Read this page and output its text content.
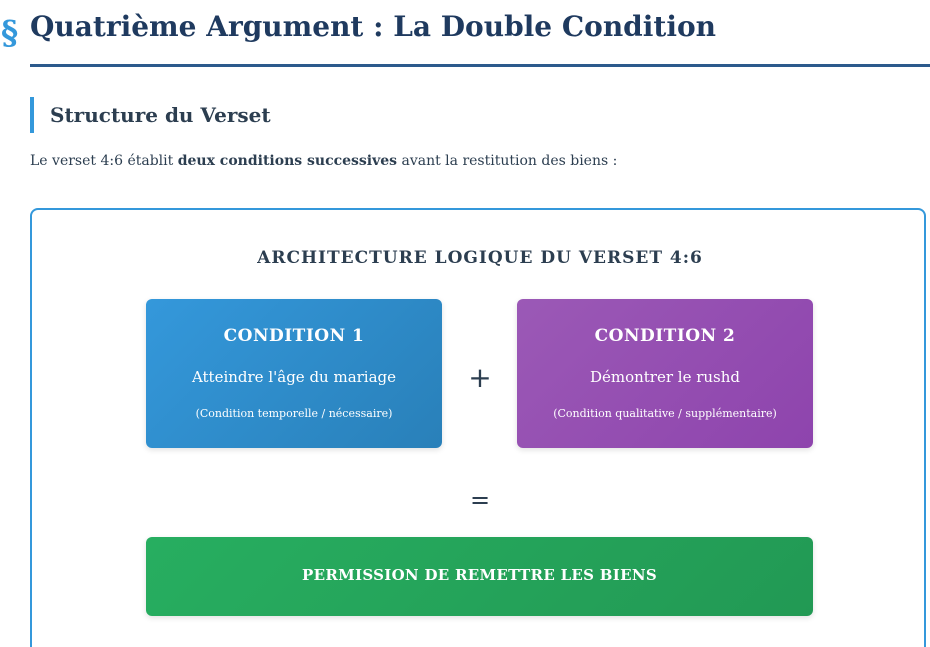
§ Quatrième Argument : La Double Condition
Structure du Verset

Le verset 4:6 établit deux conditions successives avant la restitution des biens :

ARCHITECTURE LOGIQUE DU VERSET 4:6
CONDITION 1
Atteindre l'âge du mariage
(Condition temporelle / nécessaire)
+
CONDITION 2
Démontrer le rushd
(Condition qualitative / supplémentaire)
=
PERMISSION DE REMETTRE LES BIENS
